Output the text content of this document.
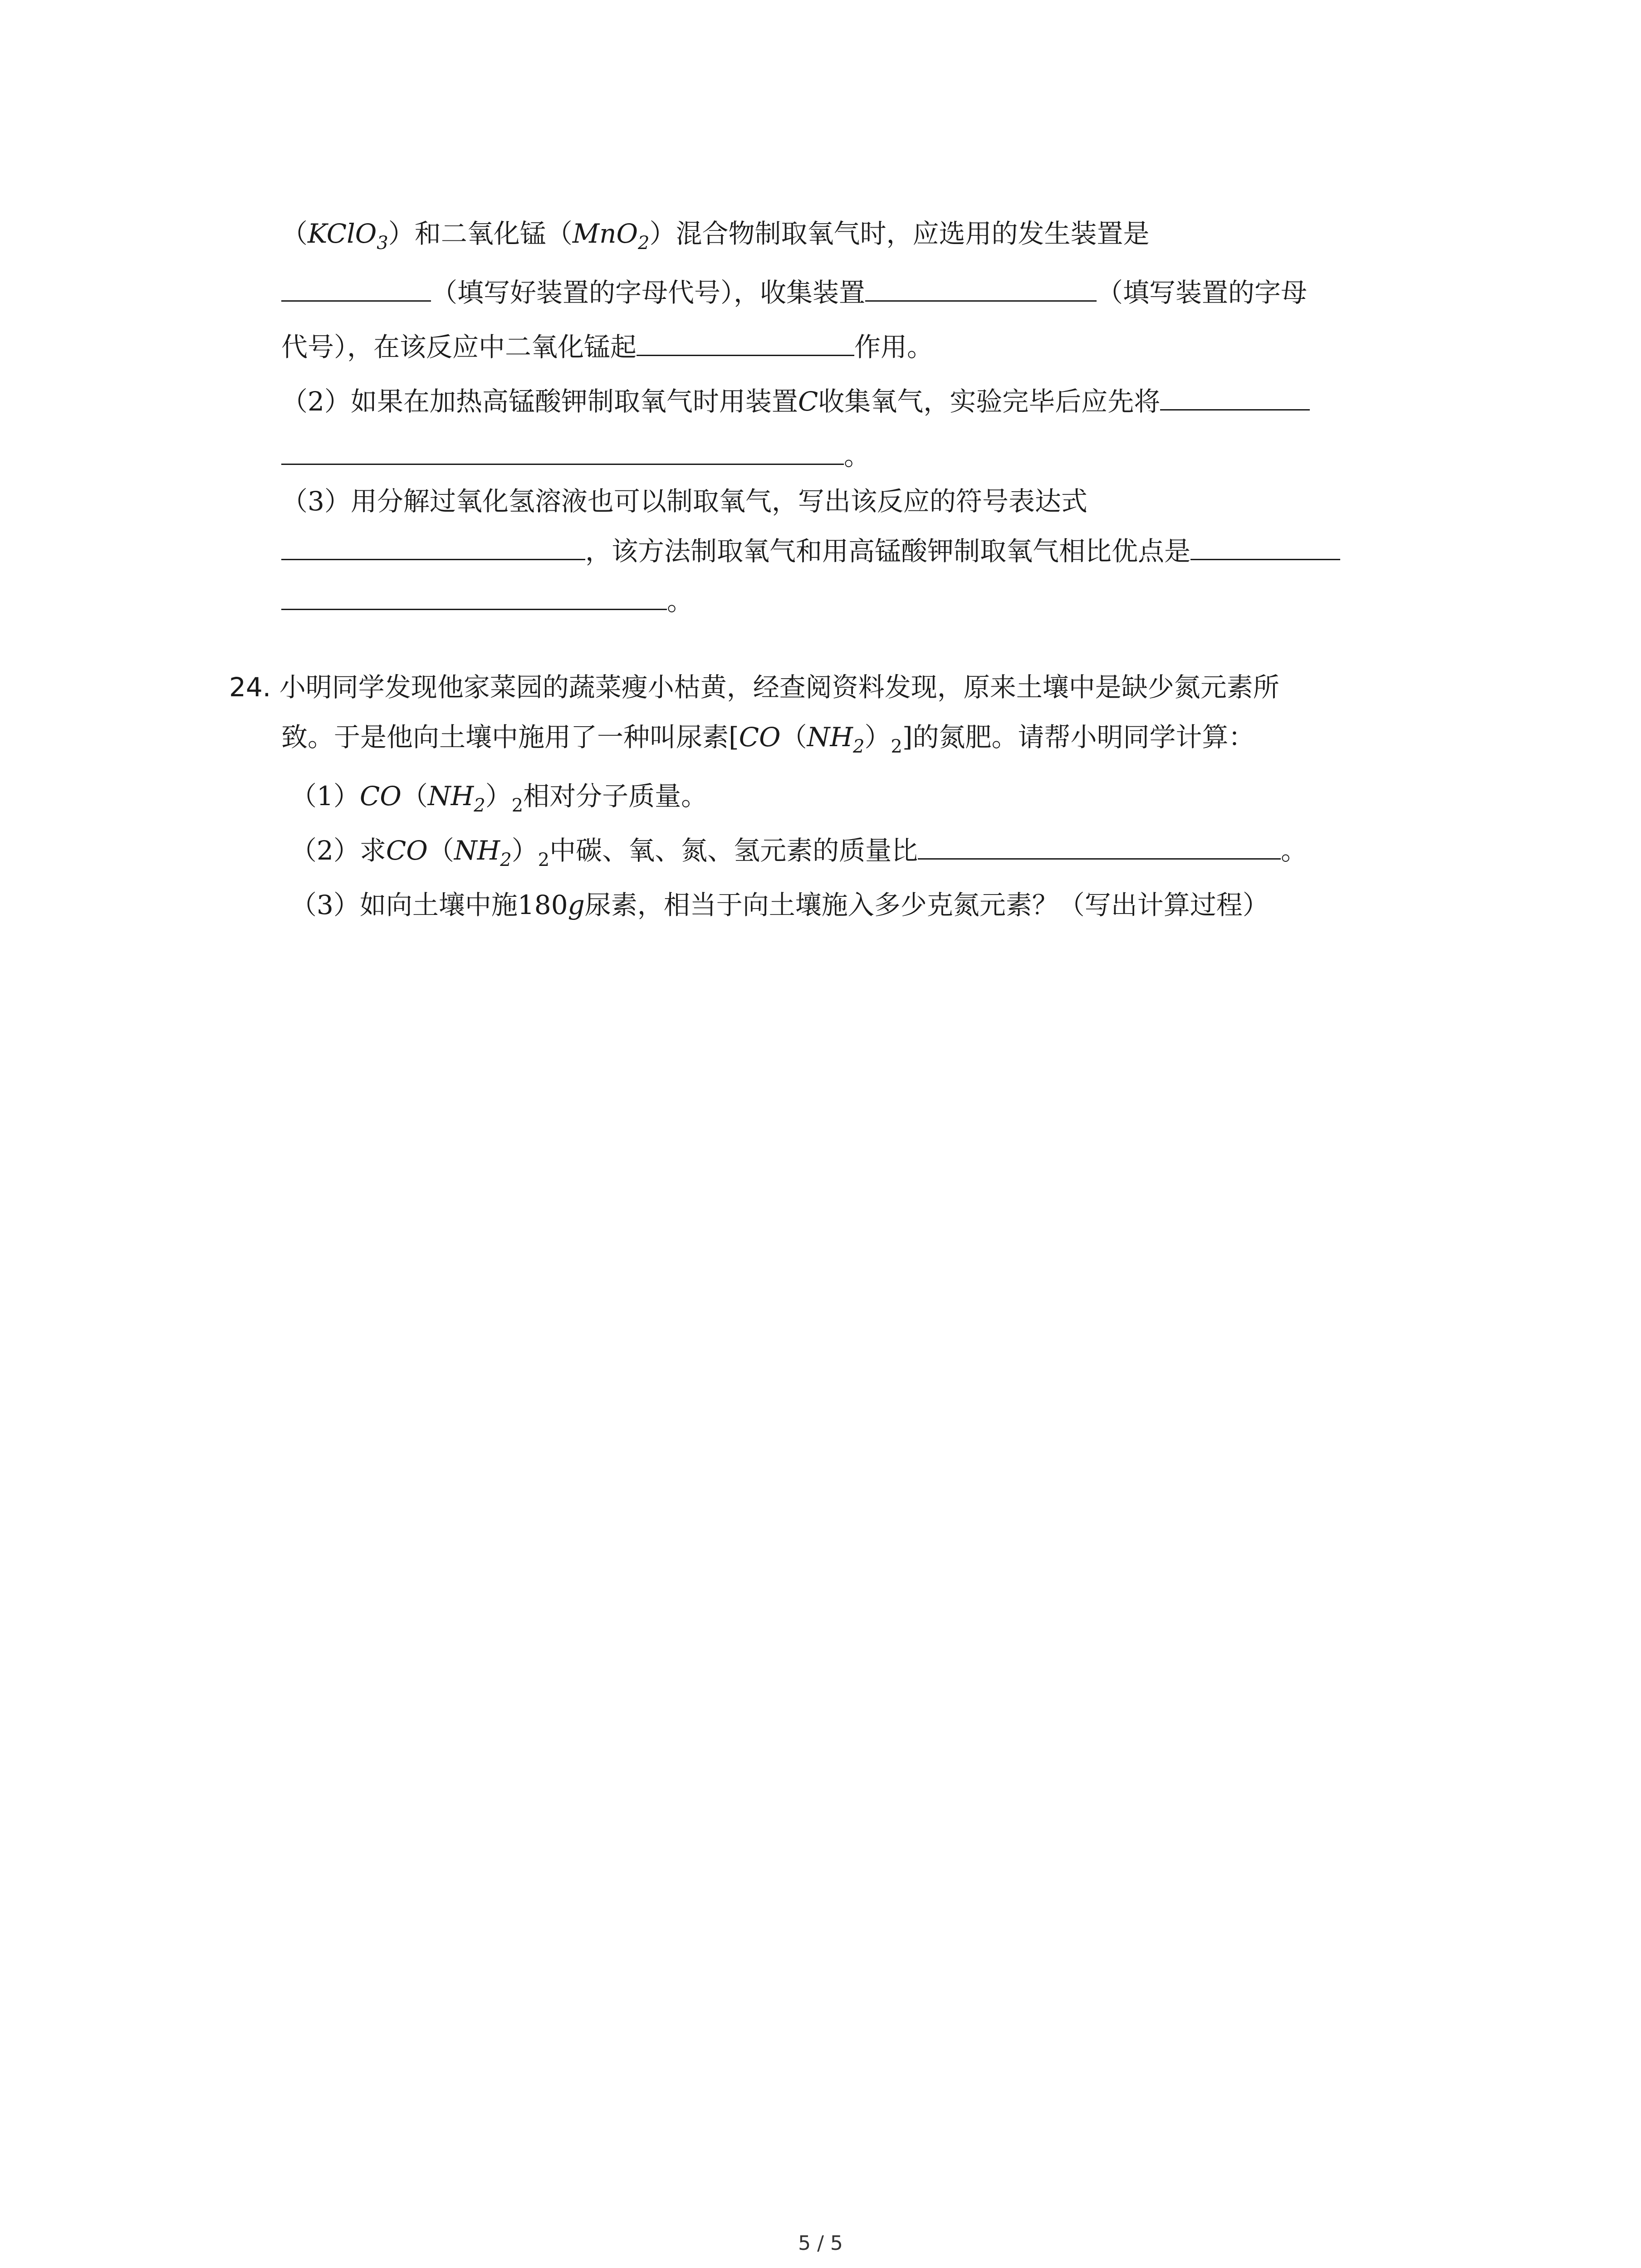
（KClO$_3$）和二氧化锰（MnO$_2$）混合物制取氧气时，应选用的发生装置是
（填写好装置的字母代号），收集装置	（填写装置的字母
代号），在该反应中二氧化锰起	作用。
（2）如果在加热高锰酸钾制取氧气时用装置C收集氧气，实验完毕后应先将
。
（3）用分解过氧化氢溶液也可以制取氧气，写出该反应的符号表达式
，该方法制取氧气和用高锰酸钾制取氧气相比优点是
。
24. 小明同学发现他家菜园的蔬菜瘦小枯黄，经查阅资料发现，原来土壤中是缺少氮元素所
致。于是他向土壤中施用了一种叫尿素$[CO(NH_2)_2]$的氮肥。请帮小明同学计算：
$(1)CO(NH_2)_2$相对分子质量。
（2）求$CO(NH_2)_2$中碳、氧、氮、氢元素的质量比	。
（3）如向土壤中施180g尿素，相当于向土壤施入多少克氮元素？（写出计算过程）
5 / 5
